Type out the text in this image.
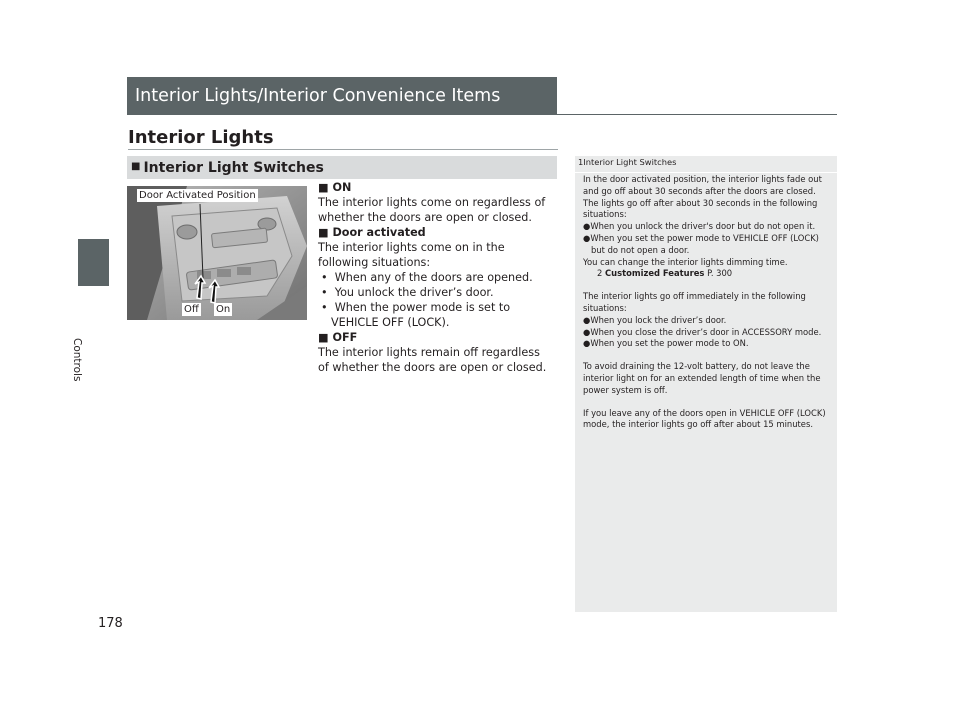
Controls
178
Interior Lights/Interior Convenience Items
Interior Lights
■ Interior Light Switches
Door Activated Position
Off On
■ ON
The interior lights come on regardless of whether the doors are open or closed.
■ Door activated
The interior lights come on in the following situations:
•  When any of the doors are opened.
•  You unlock the driver’s door.
•  When the power mode is set to VEHICLE OFF (LOCK).
■ OFF
The interior lights remain off regardless of whether the doors are open or closed.
1Interior Light Switches

In the door activated position, the interior lights fade out and go off about 30 seconds after the doors are closed.

The lights go off after about 30 seconds in the following situations:

●When you unlock the driver's door but do not open it.

●When you set the power mode to VEHICLE OFF (LOCK) but do not open a door.

You can change the interior lights dimming time.

2 Customized Features P. 300

The interior lights go off immediately in the following situations:

●When you lock the driver’s door.

●When you close the driver’s door in ACCESSORY mode.

●When you set the power mode to ON.

To avoid draining the 12-volt battery, do not leave the interior light on for an extended length of time when the power system is off.

If you leave any of the doors open in VEHICLE OFF (LOCK) mode, the interior lights go off after about 15 minutes.
